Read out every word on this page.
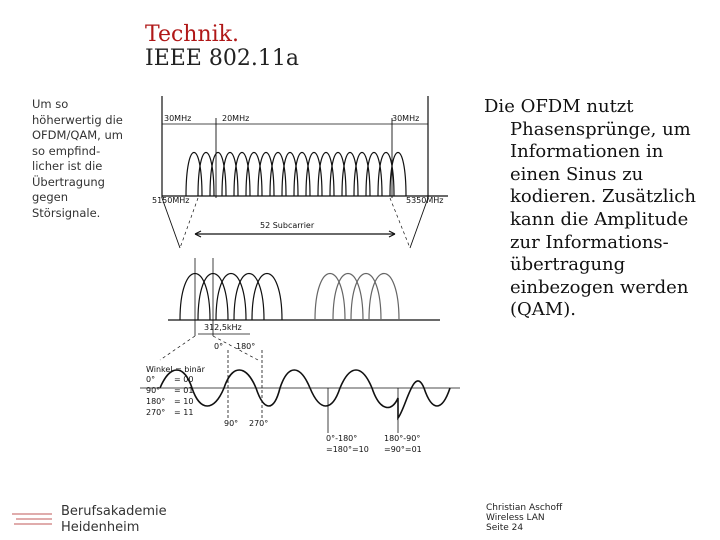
Technik.
IEEE 802.11a
Um so
höherwertig die
OFDM/QAM, um
so empfind-
licher ist die
Übertragung
gegen
Störsignale.
Die OFDM nutzt
Phasensprünge, um
Informationen in
einen Sinus zu
kodieren. Zusätzlich
kann die Amplitude
zur Informations-
übertragung
einbezogen werden
(QAM).
30MHz	20MHz	30MHz
5150MHz	5350MHz
52 Subcarrier
312,5kHz
0° 180°
Winkel = binär
0° = 00
90° = 01
180° = 10
270° = 11
90° 270°
0°-180°
=180°=10
180°-90°
=90°=01
Berufsakademie
Heidenheim
Christian Aschoff
Wireless LAN
Seite 24
